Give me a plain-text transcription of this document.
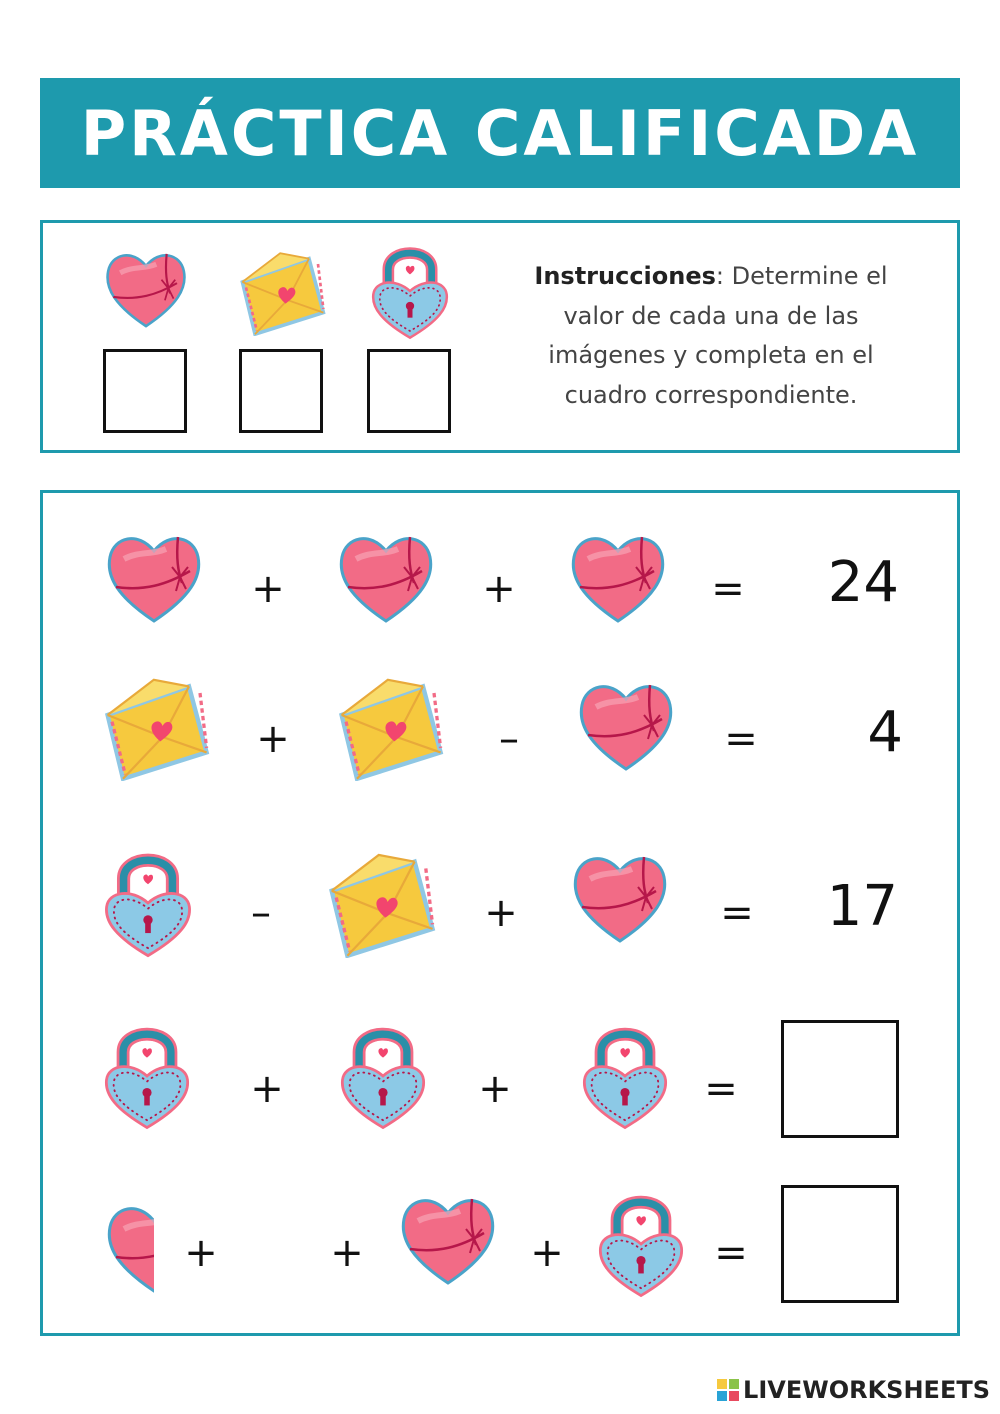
PRÁCTICA CALIFICADA
Instrucciones: Determine el valor de cada una de las imágenes y completa en el cuadro correspondiente.
+	+	=	24
+	–	=	4
–	+	=	17
+	+	=
+	+	+	=
LIVEWORKSHEETS
